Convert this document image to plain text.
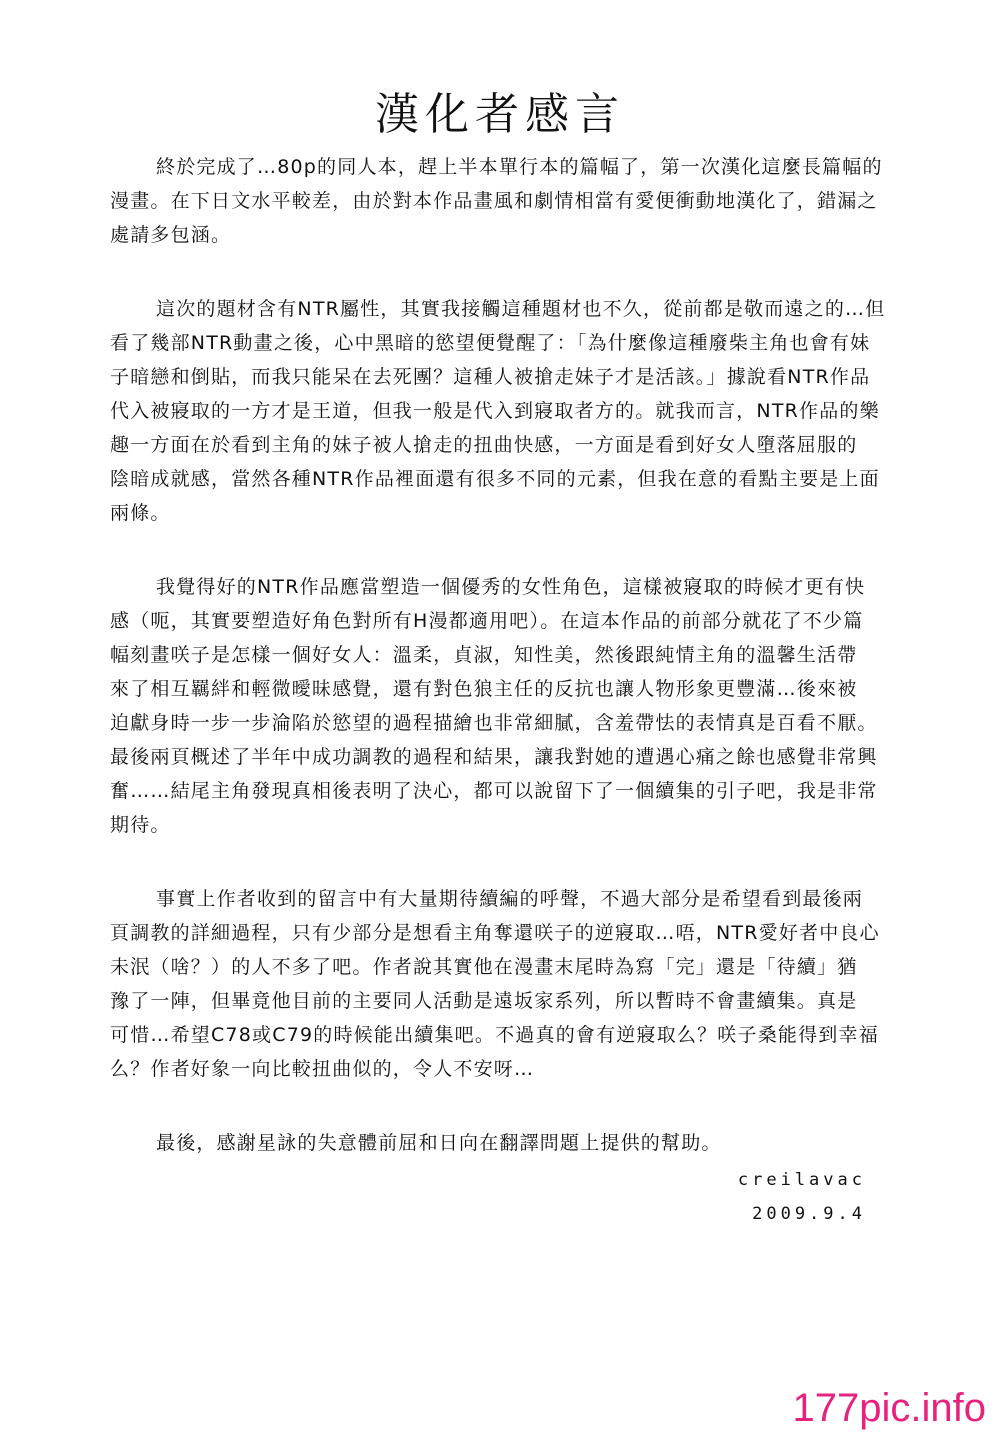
漢化者感言

終於完成了…80p的同人本，趕上半本單行本的篇幅了，第一次漢化這麼長篇幅的
漫畫。在下日文水平較差，由於對本作品畫風和劇情相當有愛便衝動地漢化了，錯漏之
處請多包涵。

這次的題材含有NTR屬性，其實我接觸這種題材也不久，從前都是敬而遠之的…但
看了幾部NTR動畫之後，心中黑暗的慾望便覺醒了：「為什麼像這種廢柴主角也會有妹
子暗戀和倒貼，而我只能呆在去死團？這種人被搶走妹子才是活該。」據說看NTR作品
代入被寢取的一方才是王道，但我一般是代入到寢取者方的。就我而言，NTR作品的樂
趣一方面在於看到主角的妹子被人搶走的扭曲快感，一方面是看到好女人墮落屈服的
陰暗成就感，當然各種NTR作品裡面還有很多不同的元素，但我在意的看點主要是上面
兩條。

我覺得好的NTR作品應當塑造一個優秀的女性角色，這樣被寢取的時候才更有快
感（呃，其實要塑造好角色對所有H漫都適用吧）。在這本作品的前部分就花了不少篇
幅刻畫咲子是怎樣一個好女人：溫柔，貞淑，知性美，然後跟純情主角的溫馨生活帶
來了相互羈絆和輕微曖昧感覺，還有對色狼主任的反抗也讓人物形象更豐滿…後來被
迫獻身時一步一步淪陷於慾望的過程描繪也非常細膩，含羞帶怯的表情真是百看不厭。
最後兩頁概述了半年中成功調教的過程和結果，讓我對她的遭遇心痛之餘也感覺非常興
奮……結尾主角發現真相後表明了決心，都可以說留下了一個續集的引子吧，我是非常
期待。

事實上作者收到的留言中有大量期待續編的呼聲，不過大部分是希望看到最後兩
頁調教的詳細過程，只有少部分是想看主角奪還咲子的逆寢取…唔，NTR愛好者中良心
未泯（啥？）的人不多了吧。作者說其實他在漫畫末尾時為寫「完」還是「待續」猶
豫了一陣，但畢竟他目前的主要同人活動是遠坂家系列，所以暫時不會畫續集。真是
可惜…希望C78或C79的時候能出續集吧。不過真的會有逆寢取么？咲子桑能得到幸福
么？作者好象一向比較扭曲似的，令人不安呀…

最後，感謝星詠的失意體前屈和日向在翻譯問題上提供的幫助。

creilavac
2009.9.4
177pic.info
